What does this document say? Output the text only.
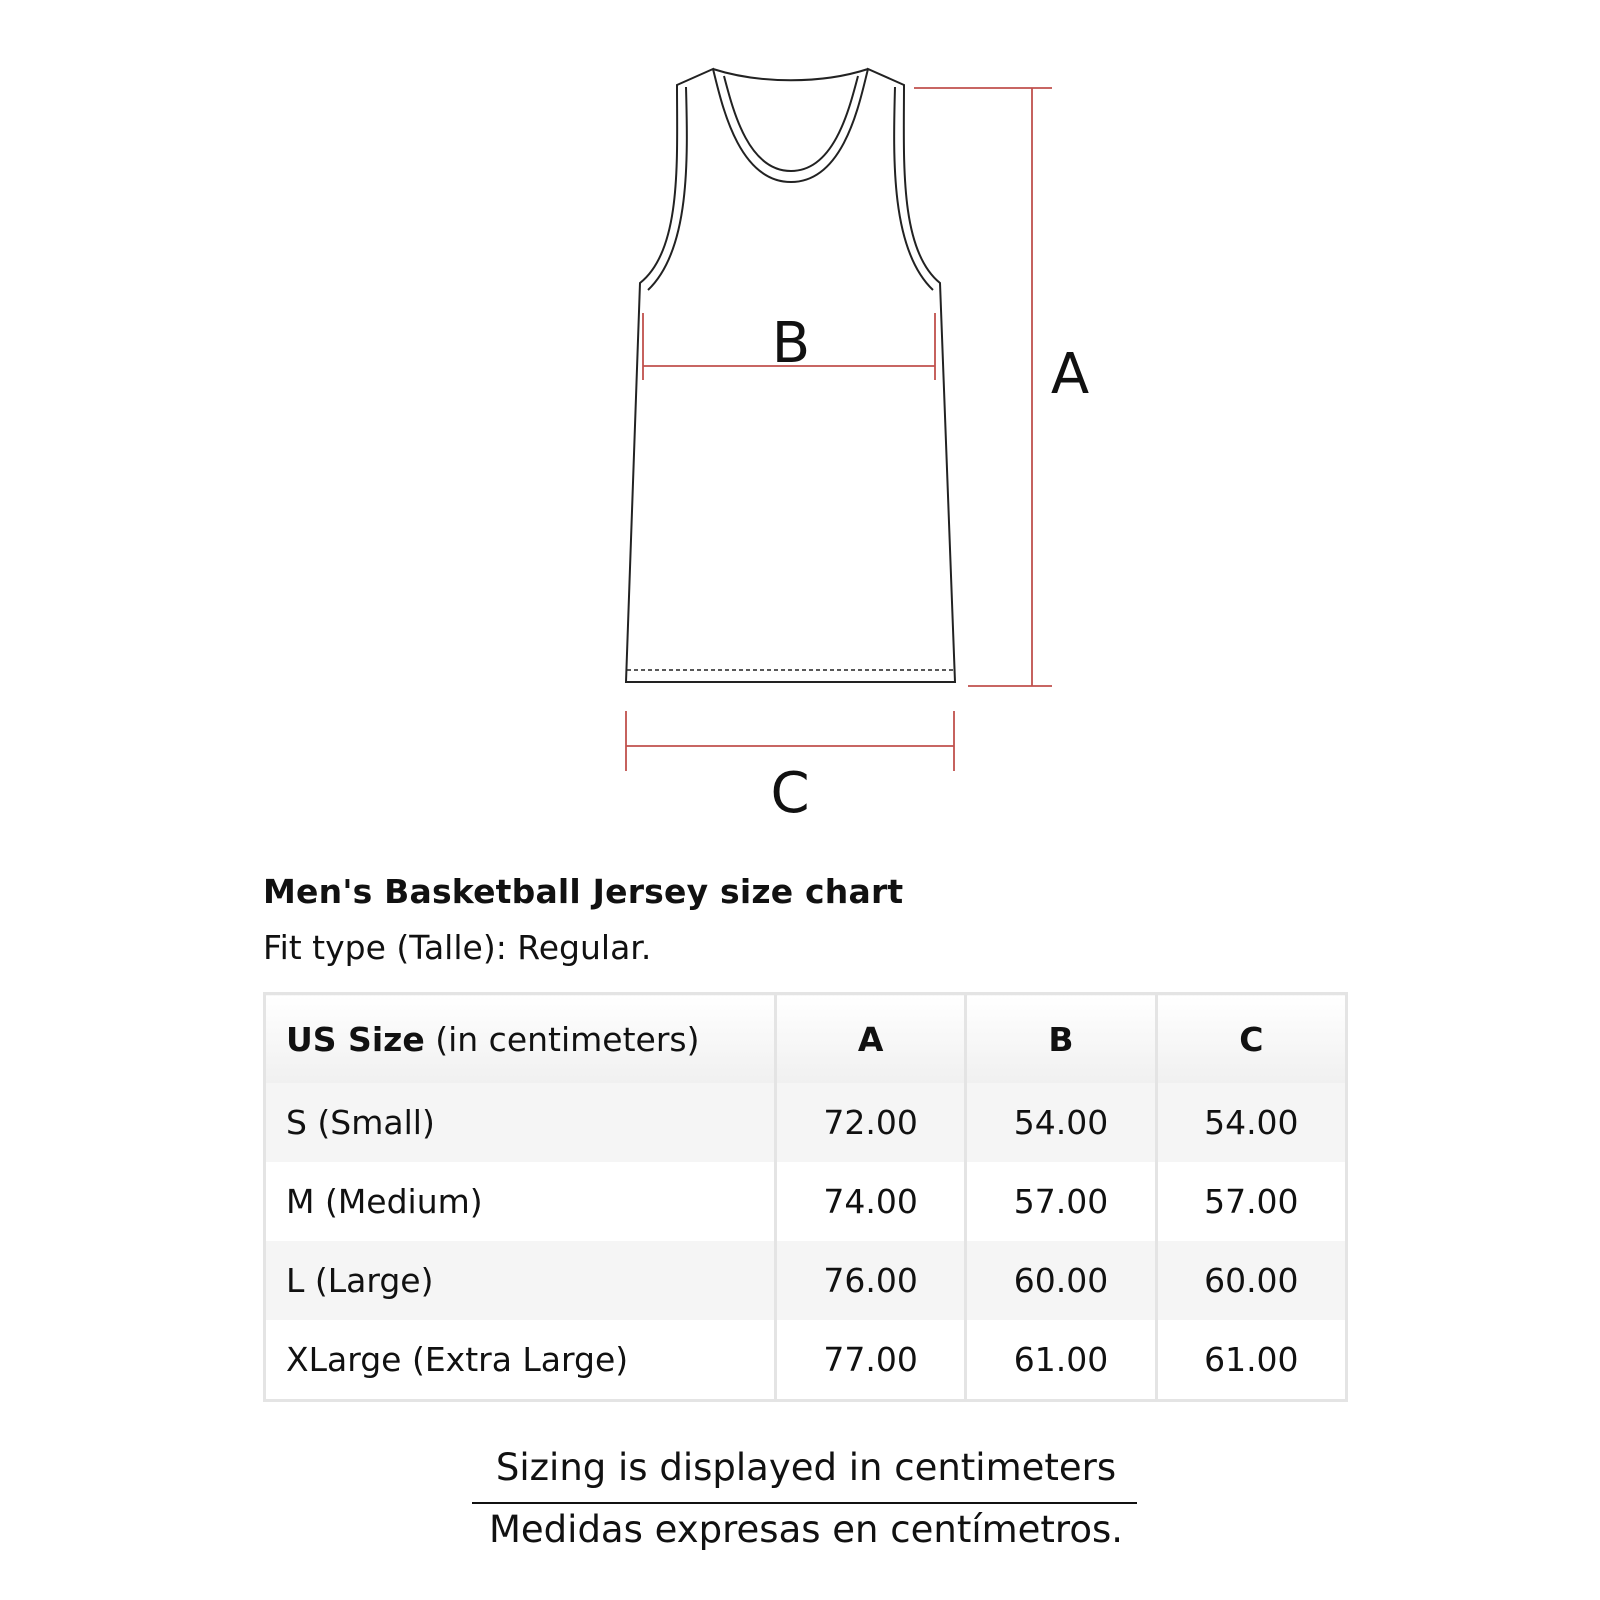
A
B
C
Men's Basketball Jersey size chart
Fit type (Talle): Regular.
US Size (in centimeters)	A	B	C
S (Small)	72.00	54.00	54.00
M (Medium)	74.00	57.00	57.00
L (Large)	76.00	60.00	60.00
XLarge (Extra Large)	77.00	61.00	61.00
Sizing is displayed in centimeters
Medidas expresas en centímetros.
